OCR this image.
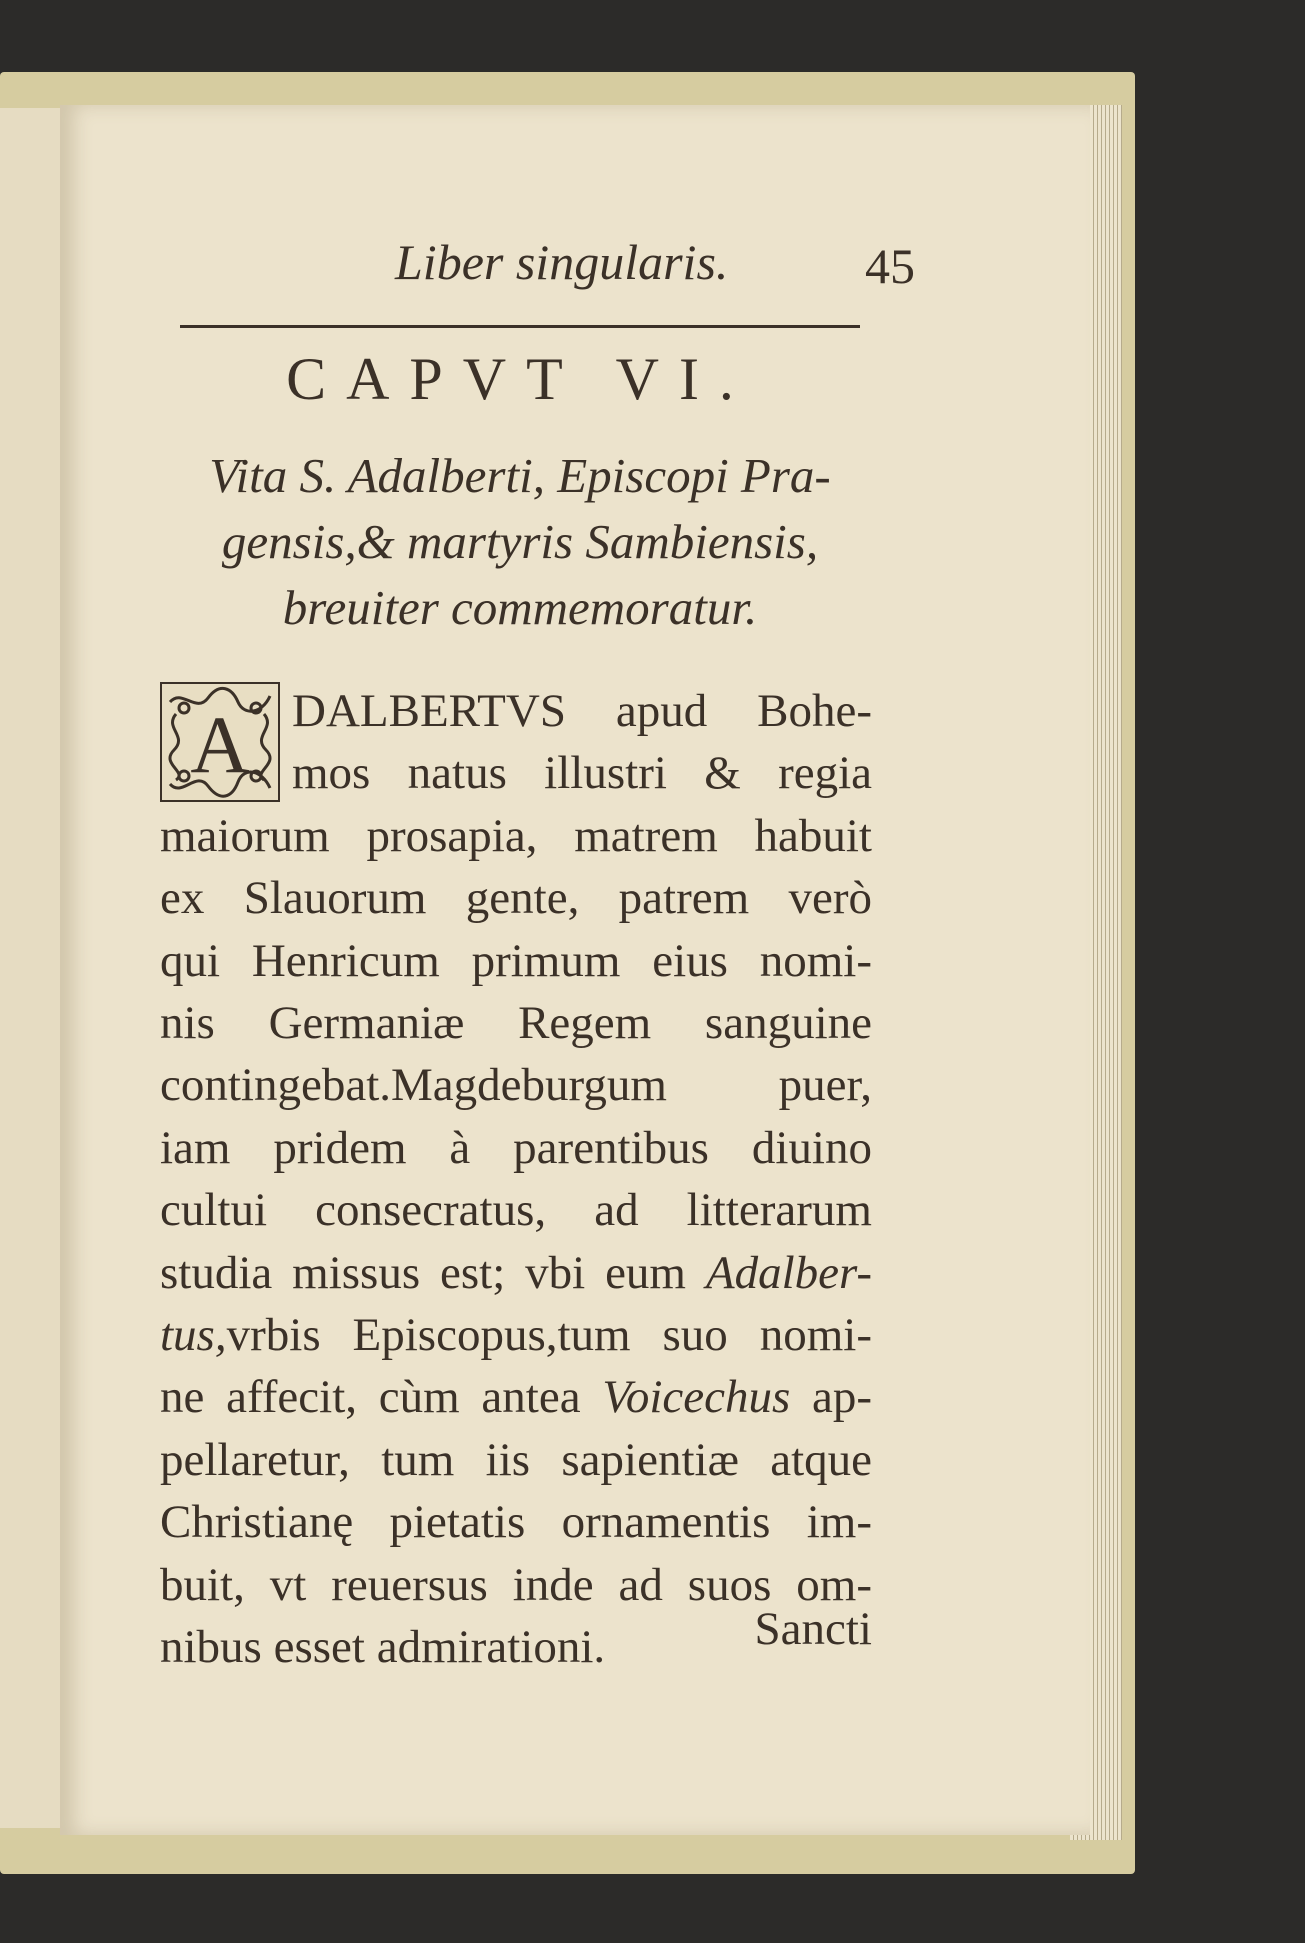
Liber singularis.	45
CAPVT VI.
Vita S. Adalberti, Episcopi Pra-
gensis,& martyris Sambiensis,
breuiter commemoratur.
DALBERTVS apud Bohe-
mos natus illustri & regia
maiorum prosapia, matrem habuit
ex Slauorum gente, patrem verò
qui Henricum primum eius nomi-
nis Germaniæ Regem sanguine
contingebat.Magdeburgum puer,
iam pridem à parentibus diuino
cultui consecratus, ad litterarum
studia missus est; vbi eum Adalber-
tus,vrbis Episcopus,tum suo nomi-
ne affecit, cùm antea Voicechus ap-
pellaretur, tum iis sapientiæ atque
Christianę pietatis ornamentis im-
buit, vt reuersus inde ad suos om-
nibus esset admirationi.
A
Sancti
